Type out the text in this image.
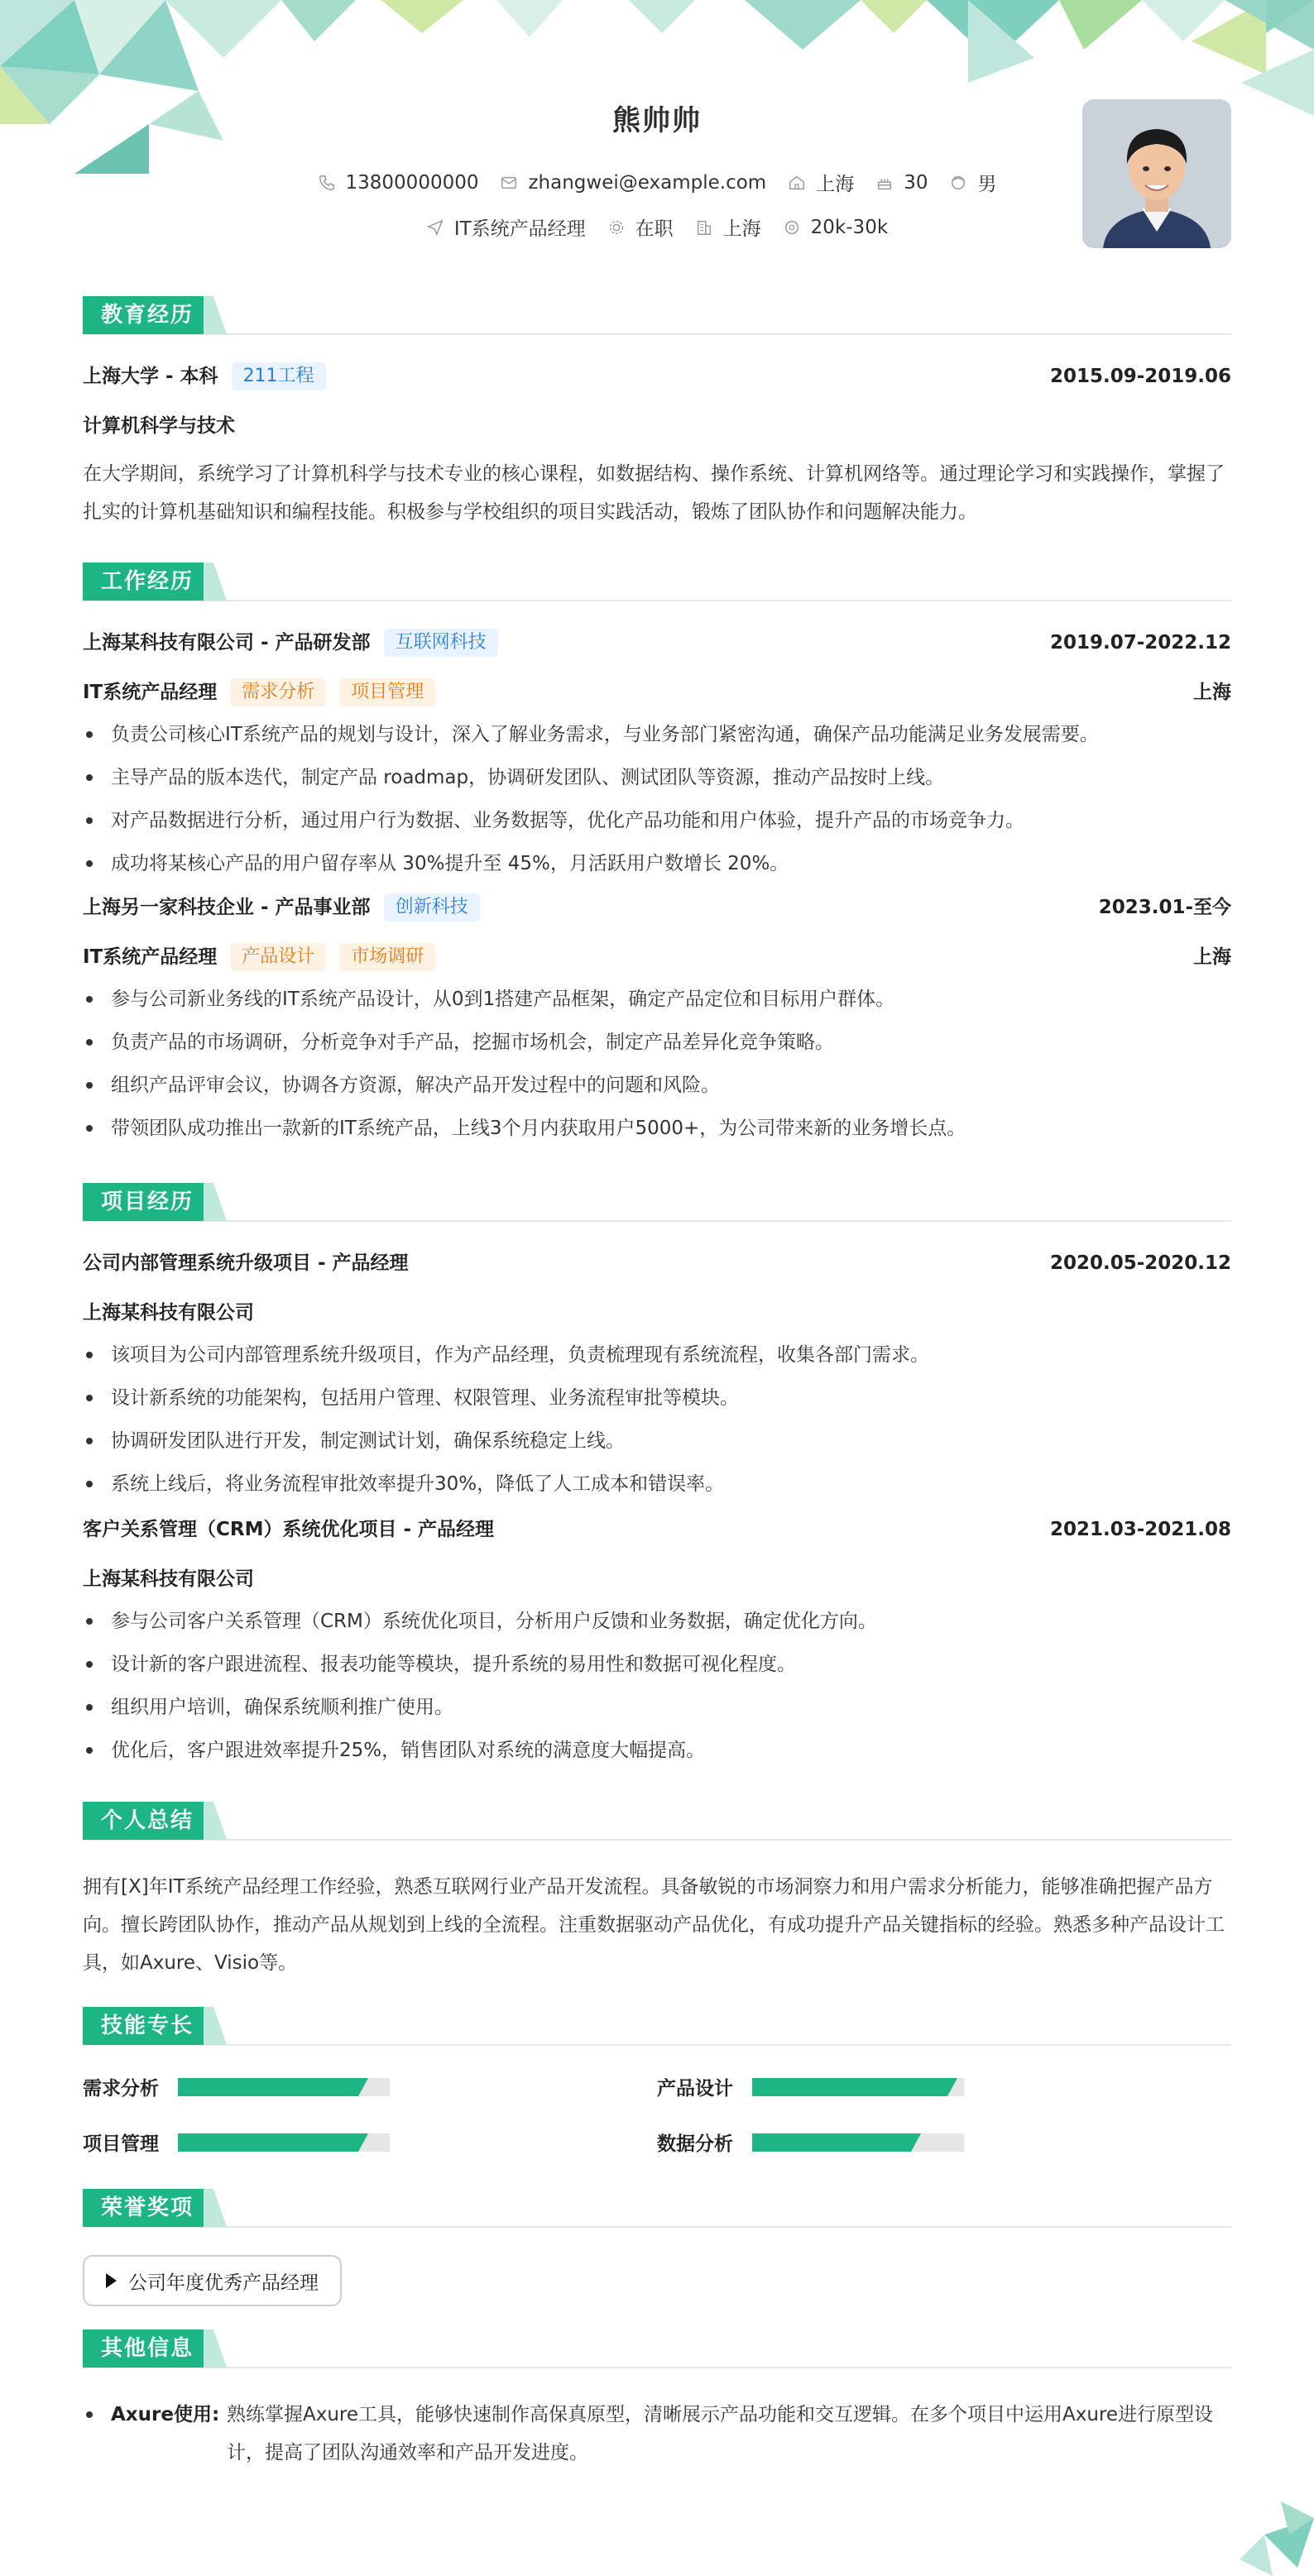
熊帅帅
13800000000	zhangwei@example.com	上海	30	男
IT系统产品经理	在职	上海	20k-30k
教育经历
上海大学 - 本科	211工程	2015.09-2019.06
计算机科学与技术
在大学期间，系统学习了计算机科学与技术专业的核心课程，如数据结构、操作系统、计算机网络等。通过理论学习和实践操作，掌握了扎实的计算机基础知识和编程技能。积极参与学校组织的项目实践活动，锻炼了团队协作和问题解决能力。
工作经历
上海某科技有限公司 - 产品研发部	互联网科技	2019.07-2022.12
IT系统产品经理	需求分析	项目管理	上海
负责公司核心IT系统产品的规划与设计，深入了解业务需求，与业务部门紧密沟通，确保产品功能满足业务发展需要。
主导产品的版本迭代，制定产品 roadmap，协调研发团队、测试团队等资源，推动产品按时上线。
对产品数据进行分析，通过用户行为数据、业务数据等，优化产品功能和用户体验，提升产品的市场竞争力。
成功将某核心产品的用户留存率从 30%提升至 45%，月活跃用户数增长 20%。
上海另一家科技企业 - 产品事业部	创新科技	2023.01-至今
IT系统产品经理	产品设计	市场调研	上海
参与公司新业务线的IT系统产品设计，从0到1搭建产品框架，确定产品定位和目标用户群体。
负责产品的市场调研，分析竞争对手产品，挖掘市场机会，制定产品差异化竞争策略。
组织产品评审会议，协调各方资源，解决产品开发过程中的问题和风险。
带领团队成功推出一款新的IT系统产品，上线3个月内获取用户5000+，为公司带来新的业务增长点。
项目经历
公司内部管理系统升级项目 - 产品经理	2020.05-2020.12
上海某科技有限公司
该项目为公司内部管理系统升级项目，作为产品经理，负责梳理现有系统流程，收集各部门需求。
设计新系统的功能架构，包括用户管理、权限管理、业务流程审批等模块。
协调研发团队进行开发，制定测试计划，确保系统稳定上线。
系统上线后，将业务流程审批效率提升30%，降低了人工成本和错误率。
客户关系管理（CRM）系统优化项目 - 产品经理	2021.03-2021.08
上海某科技有限公司
参与公司客户关系管理（CRM）系统优化项目，分析用户反馈和业务数据，确定优化方向。
设计新的客户跟进流程、报表功能等模块，提升系统的易用性和数据可视化程度。
组织用户培训，确保系统顺利推广使用。
优化后，客户跟进效率提升25%，销售团队对系统的满意度大幅提高。
个人总结
拥有[X]年IT系统产品经理工作经验，熟悉互联网行业产品开发流程。具备敏锐的市场洞察力和用户需求分析能力，能够准确把握产品方向。擅长跨团队协作，推动产品从规划到上线的全流程。注重数据驱动产品优化，有成功提升产品关键指标的经验。熟悉多种产品设计工具，如Axure、Visio等。
技能专长
需求分析	产品设计
项目管理	数据分析
荣誉奖项
公司年度优秀产品经理
其他信息
Axure使用: 熟练掌握Axure工具，能够快速制作高保真原型，清晰展示产品功能和交互逻辑。在多个项目中运用Axure进行原型设计，提高了团队沟通效率和产品开发进度。
